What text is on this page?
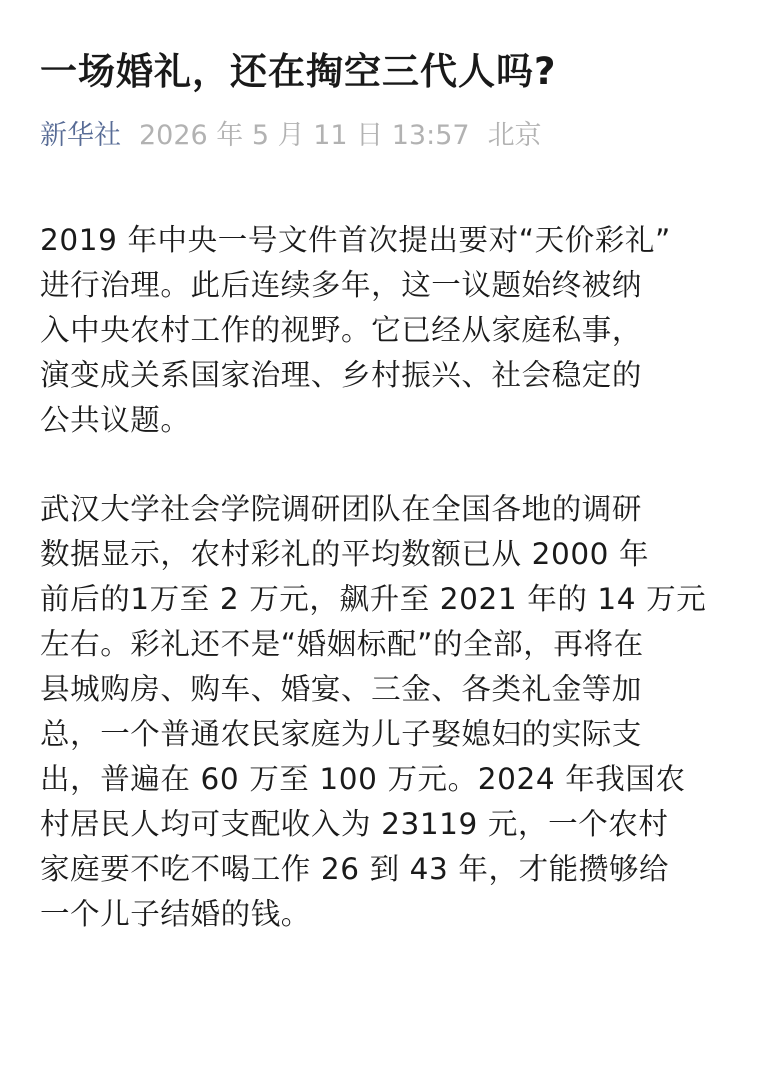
一场婚礼，还在掏空三代人吗?
新华社 2026 年 5 月 11 日 13:57 北京

2019 年中央一号文件首次提出要对“天价彩礼”
进行治理。此后连续多年，这一议题始终被纳
入中央农村工作的视野。它已经从家庭私事，
演变成关系国家治理、乡村振兴、社会稳定的
公共议题。

武汉大学社会学院调研团队在全国各地的调研
数据显示，农村彩礼的平均数额已从 2000 年
前后的1万至 2 万元，飙升至 2021 年的 14 万元
左右。彩礼还不是“婚姻标配”的全部，再将在
县城购房、购车、婚宴、三金、各类礼金等加
总，一个普通农民家庭为儿子娶媳妇的实际支
出，普遍在 60 万至 100 万元。2024 年我国农
村居民人均可支配收入为 23119 元，一个农村
家庭要不吃不喝工作 26 到 43 年，才能攒够给
一个儿子结婚的钱。
